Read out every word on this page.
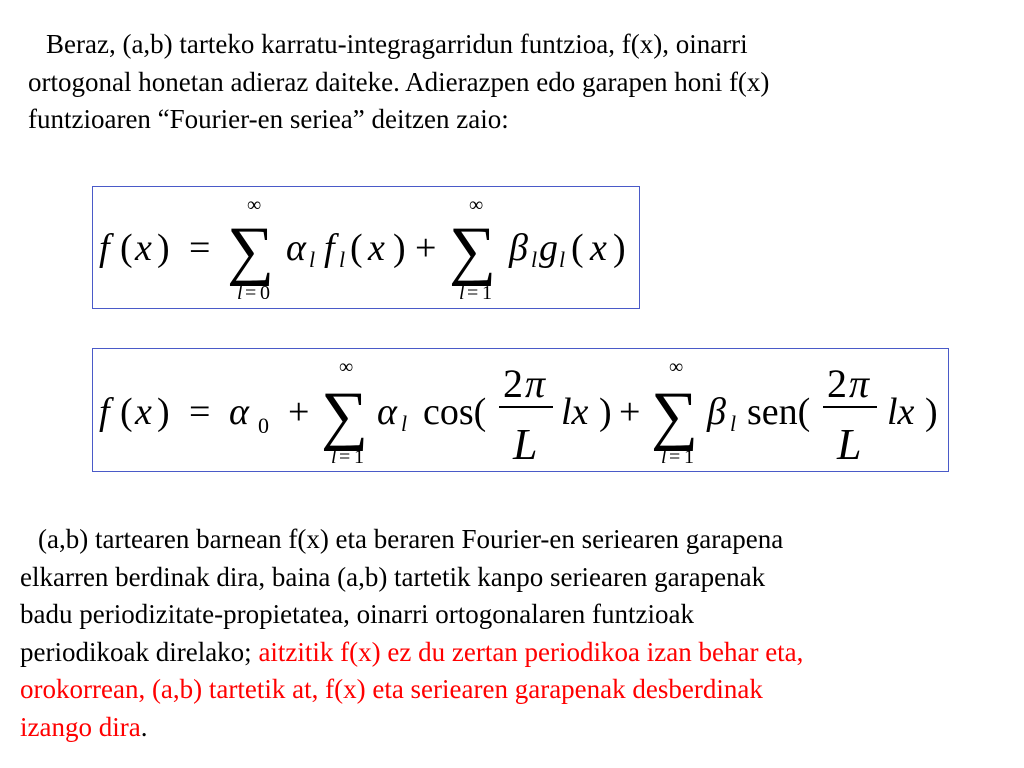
Beraz, (a,b) tarteko karratu-integragarridun funtzioa, f(x), oinarri
ortogonal honetan adieraz daiteke. Adierazpen edo garapen honi f(x)
funtzioaren “Fourier-en seriea” deitzen zaio:
f ( x ) =
∞
∑
l = 0
α l f l ( x ) +
∞
∑
l = 1
β l g l ( x )
f ( x ) = α 0 +
∞
∑
l = 1
α l cos(
2 π
L
lx ) +
∞
∑
l = 1
β l sen(
2 π
L
lx )
(a,b) tartearen barnean f(x) eta beraren Fourier-en seriearen garapena
elkarren berdinak dira, baina (a,b) tartetik kanpo seriearen garapenak
badu periodizitate-propietatea, oinarri ortogonalaren funtzioak
periodikoak direlako; aitzitik f(x) ez du zertan periodikoa izan behar eta,
orokorrean, (a,b) tartetik at, f(x) eta seriearen garapenak desberdinak
izango dira.
